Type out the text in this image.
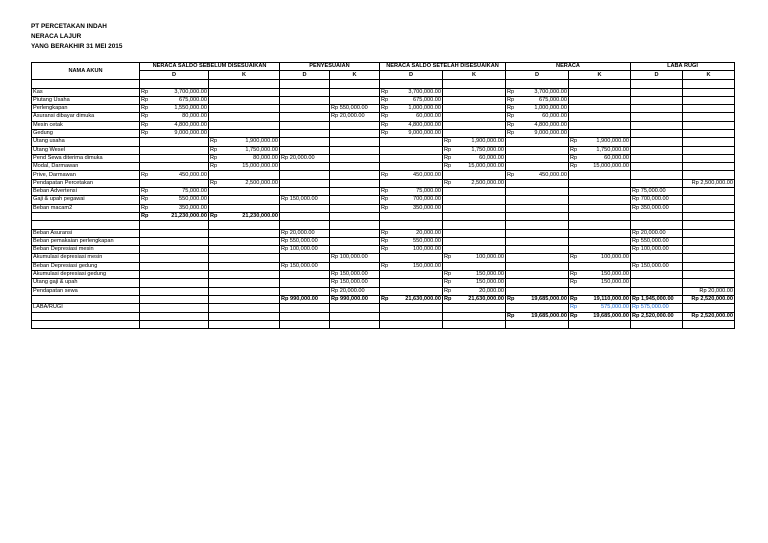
PT PERCETAKAN INDAH
NERACA LAJUR
YANG BERAKHIR 31 MEI 2015
NAMA AKUN	NERACA SALDO SEBELUM DISESUAIKAN				PENYESUAIAN		NERACA SALDO SETELAH DISESUAIKAN				NERACA				LABA RUGI	
	D		K		D	K	D		K		D		K		D	K

Kas	Rp	3,700,000.00					Rp	3,700,000.00			Rp	3,700,000.00				
Piutang Usaha	Rp	675,000.00					Rp	675,000.00			Rp	675,000.00				
Perlengkapan	Rp	1,550,000.00				Rp 550,000.00	Rp	1,000,000.00			Rp	1,000,000.00				
Asuransi dibayar dimuka	Rp	80,000.00				Rp 20,000.00	Rp	60,000.00			Rp	60,000.00				
Mesin cetak	Rp	4,800,000.00					Rp	4,800,000.00			Rp	4,800,000.00				
Gedung	Rp	9,000,000.00					Rp	9,000,000.00			Rp	9,000,000.00				
Utang usaha			Rp	1,900,000.00					Rp	1,900,000.00			Rp	1,900,000.00		
Utang Wesel			Rp	1,750,000.00					Rp	1,750,000.00			Rp	1,750,000.00		
Pend Sewa diterima dimuka			Rp	80,000.00	Rp 20,000.00				Rp	60,000.00			Rp	60,000.00		
Modal, Darmawan			Rp	15,000,000.00					Rp	15,000,000.00			Rp	15,000,000.00		
Prive, Darmawan	Rp	450,000.00					Rp	450,000.00			Rp	450,000.00				
Pendapatan Percetakan			Rp	2,500,000.00					Rp	2,500,000.00						Rp 2,500,000.00
Beban Advertensi	Rp	75,000.00					Rp	75,000.00							Rp 75,000.00	
Gaji & upah pegawai	Rp	550,000.00			Rp 150,000.00		Rp	700,000.00							Rp 700,000.00	
Beban macam2	Rp	350,000.00					Rp	350,000.00							Rp 350,000.00	
	Rp	21,230,000.00	Rp	21,230,000.00												

Beban Asuransi					Rp 20,000.00		Rp	20,000.00							Rp 20,000.00	
Beban pemakaian perlengkapan					Rp 550,000.00		Rp	550,000.00							Rp 550,000.00	
Beban Depresiasi mesin					Rp 100,000.00		Rp	100,000.00							Rp 100,000.00	
Akumulasi depresiasi mesin						Rp 100,000.00			Rp	100,000.00			Rp	100,000.00		
Beban Depresiasi gedung					Rp 150,000.00		Rp	150,000.00							Rp 150,000.00	
Akumulasi depresiasi gedung						Rp 150,000.00			Rp	150,000.00			Rp	150,000.00		
Utang gaji & upah						Rp 150,000.00			Rp	150,000.00			Rp	150,000.00		
Pendapatan sewa						Rp 20,000.00			Rp	20,000.00						Rp 20,000.00
					Rp 990,000.00	Rp 990,000.00	Rp	21,630,000.00	Rp	21,630,000.00	Rp	19,685,000.00	Rp	19,110,000.00	Rp 1,945,000.00	Rp 2,520,000.00
LABA/RUGI													Rp	575,000.00	Rp 575,000.00	
											Rp	19,685,000.00	Rp	19,685,000.00	Rp 2,520,000.00	Rp 2,520,000.00
